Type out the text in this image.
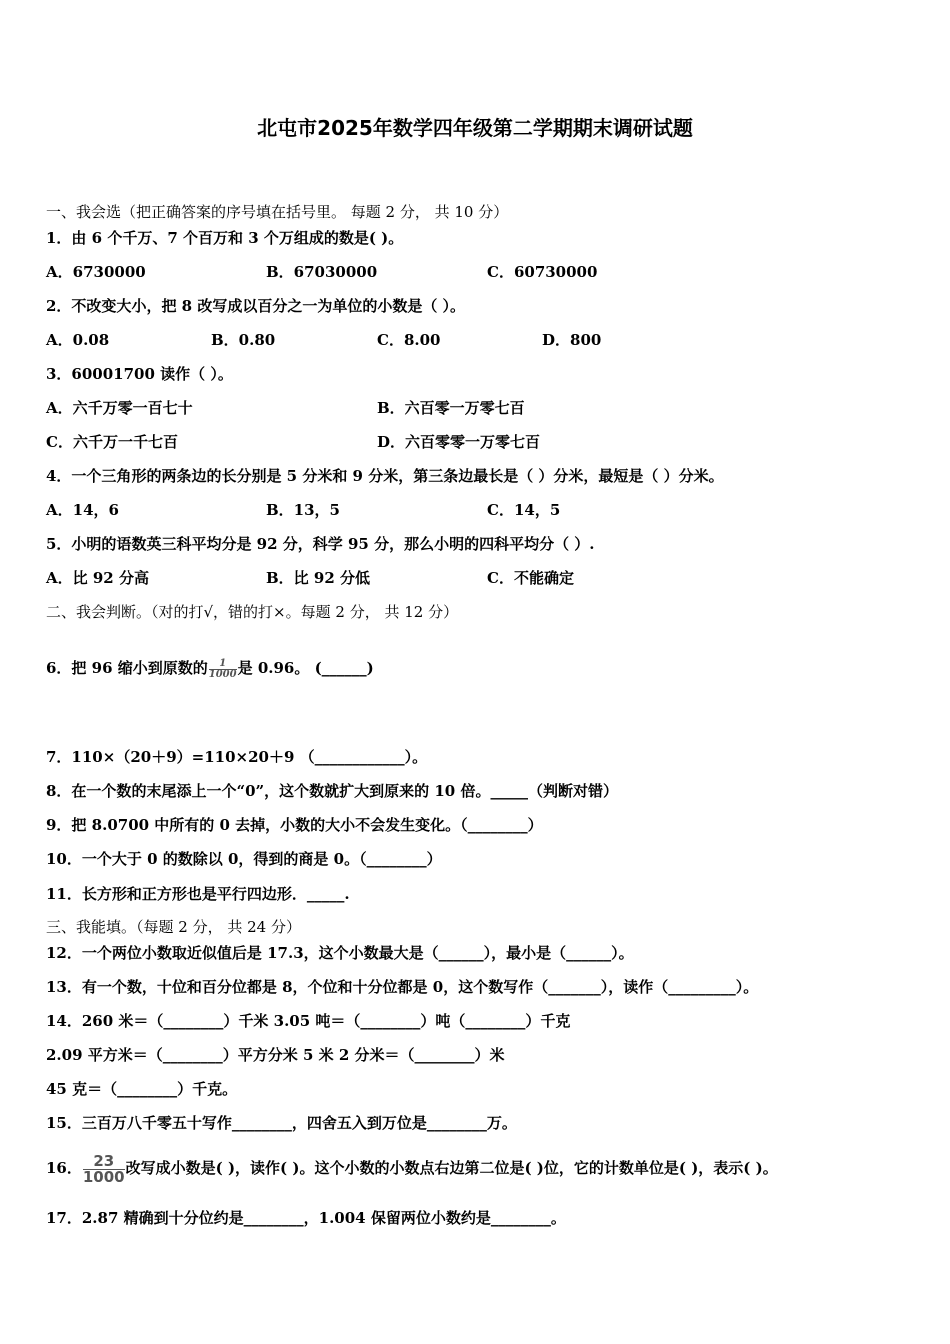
北屯市2025年数学四年级第二学期期末调研试题
一、我会选（把正确答案的序号填在括号里。 每题 2 分， 共 10 分）
1．由 6 个千万、7 个百万和 3 个万组成的数是( )。
A．6730000	B．67030000	C．60730000
2．不改变大小，把 8 改写成以百分之一为单位的小数是（ ）。
A．0.08	B．0.80	C．8.00	D．800
3．60001700 读作（ ）。
A．六千万零一百七十	B．六百零一万零七百
C．六千万一千七百	D．六百零零一万零七百
4．一个三角形的两条边的长分别是 5 分米和 9 分米，第三条边最长是（ ）分米，最短是（ ）分米。
A．14，6	B．13，5	C．14，5
5．小明的语数英三科平均分是 92 分，科学 95 分，那么小明的四科平均分（ ）.
A．比 92 分高	B．比 92 分低	C．不能确定
二、我会判断。（对的打√，错的打×。每题 2 分， 共 12 分）
6．把 96 缩小到原数的 $\frac{1}{1000}$ 是 0.96。 (______)
7．110×（20＋9）=110×20＋9 （____________）。
8．在一个数的末尾添上一个“0”，这个数就扩大到原来的 10 倍。_____（判断对错）
9．把 8.0700 中所有的 0 去掉，小数的大小不会发生变化。（________）
10．一个大于 0 的数除以 0，得到的商是 0。（________）
11．长方形和正方形也是平行四边形．_____.
三、我能填。（每题 2 分， 共 24 分）
12．一个两位小数取近似值后是 17.3，这个小数最大是（______），最小是（______）。
13．有一个数，十位和百分位都是 8，个位和十分位都是 0，这个数写作（_______），读作（_________）。
14．260 米＝（________）千米 3.05 吨＝（________）吨（________）千克
2.09 平方米＝（________）平方分米 5 米 2 分米＝（________）米
45 克＝（________）千克。
15．三百万八千零五十写作________，四舍五入到万位是________万。
16． $\frac{23}{1000}$ 改写成小数是( )，读作( )。这个小数的小数点右边第二位是( )位，它的计数单位是( )，表示( )。
17．2.87 精确到十分位约是________，1.004 保留两位小数约是________。
